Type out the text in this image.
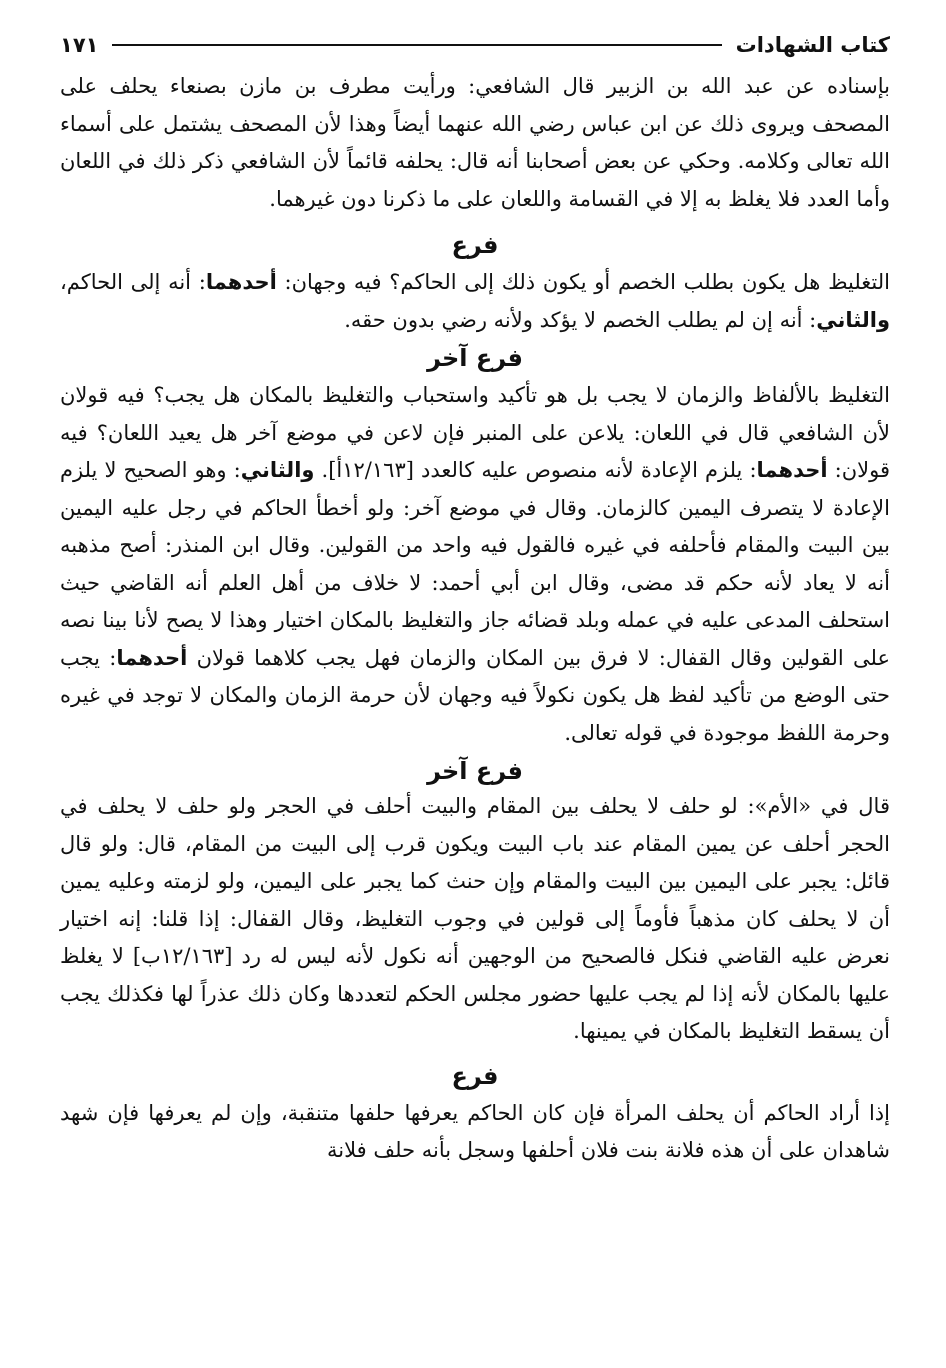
كتاب الشهادات
١٧١

بإسناده عن عبد الله بن الزبير قال الشافعي: ورأيت مطرف بن مازن بصنعاء يحلف على المصحف ويروى ذلك عن ابن عباس رضي الله عنهما أيضاً وهذا لأن المصحف يشتمل على أسماء الله تعالى وكلامه. وحكي عن بعض أصحابنا أنه قال: يحلفه قائماً لأن الشافعي ذكر ذلك في اللعان وأما العدد فلا يغلظ به إلا في القسامة واللعان على ما ذكرنا دون غيرهما.

فرع

التغليظ هل يكون بطلب الخصم أو يكون ذلك إلى الحاكم؟ فيه وجهان: أحدهما: أنه إلى الحاكم، والثاني: أنه إن لم يطلب الخصم لا يؤكد ولأنه رضي بدون حقه.

فرع آخر

التغليظ بالألفاظ والزمان لا يجب بل هو تأكيد واستحباب والتغليظ بالمكان هل يجب؟ فيه قولان لأن الشافعي قال في اللعان: يلاعن على المنبر فإن لاعن في موضع آخر هل يعيد اللعان؟ فيه قولان: أحدهما: يلزم الإعادة لأنه منصوص عليه كالعدد [١٢/١٦٣أ]. والثاني: وهو الصحيح لا يلزم الإعادة لا يتصرف اليمين كالزمان. وقال في موضع آخر: ولو أخطأ الحاكم في رجل عليه اليمين بين البيت والمقام فأحلفه في غيره فالقول فيه واحد من القولين. وقال ابن المنذر: أصح مذهبه أنه لا يعاد لأنه حكم قد مضى، وقال ابن أبي أحمد: لا خلاف من أهل العلم أنه القاضي حيث استحلف المدعى عليه في عمله وبلد قضائه جاز والتغليظ بالمكان اختيار وهذا لا يصح لأنا بينا نصه على القولين وقال القفال: لا فرق بين المكان والزمان فهل يجب كلاهما قولان أحدهما: يجب حتى الوضع من تأكيد لفظ هل يكون نكولاً فيه وجهان لأن حرمة الزمان والمكان لا توجد في غيره وحرمة اللفظ موجودة في قوله تعالى.

فرع آخر

قال في «الأم»: لو حلف لا يحلف بين المقام والبيت أحلف في الحجر ولو حلف لا يحلف في الحجر أحلف عن يمين المقام عند باب البيت ويكون قرب إلى البيت من المقام، قال: ولو قال قائل: يجبر على اليمين بين البيت والمقام وإن حنث كما يجبر على اليمين، ولو لزمته وعليه يمين أن لا يحلف كان مذهباً فأوماً إلى قولين في وجوب التغليظ، وقال القفال: إذا قلنا: إنه اختيار نعرض عليه القاضي فنكل فالصحيح من الوجهين أنه نكول لأنه ليس له رد [١٢/١٦٣ب] لا يغلظ عليها بالمكان لأنه إذا لم يجب عليها حضور مجلس الحكم لتعددها وكان ذلك عذراً لها فكذلك يجب أن يسقط التغليظ بالمكان في يمينها.

فرع

إذا أراد الحاكم أن يحلف المرأة فإن كان الحاكم يعرفها حلفها متنقبة، وإن لم يعرفها فإن شهد شاهدان على أن هذه فلانة بنت فلان أحلفها وسجل بأنه حلف فلانة
